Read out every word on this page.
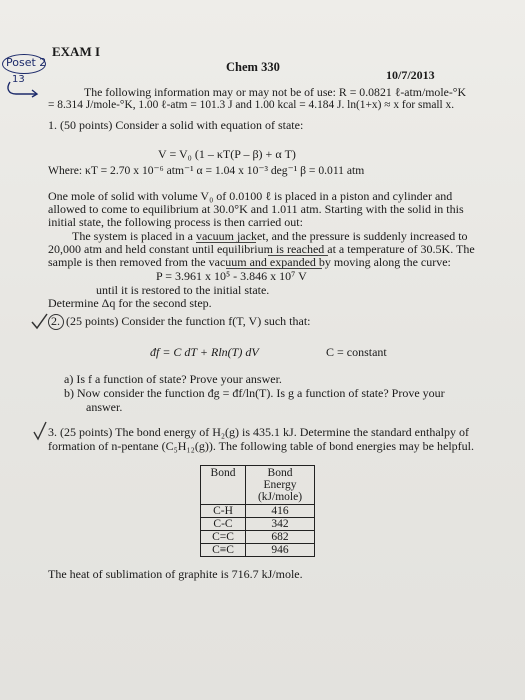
Poset 2
13
EXAM I
Chem 330
10/7/2013
The following information may or may not be of use: R = 0.0821 ℓ-atm/mole-°K
= 8.314 J/mole-°K, 1.00 ℓ-atm = 101.3 J and 1.00 kcal = 4.184 J. ln(1+x) ≈ x for small x.
1. (50 points) Consider a solid with equation of state:
V = V₀ (1 – κT(P – β) + α T)
Where: κT = 2.70 x 10⁻⁶ atm⁻¹ α = 1.04 x 10⁻³ deg⁻¹ β = 0.011 atm
One mole of solid with volume V₀ of 0.0100 ℓ is placed in a piston and cylinder and
allowed to come to equilibrium at 30.0°K and 1.011 atm. Starting with the solid in this
initial state, the following process is then carried out:
The system is placed in a vacuum jacket, and the pressure is suddenly increased to
20,000 atm and held constant until equilibrium is reached at a temperature of 30.5K. The
sample is then removed from the vacuum and expanded by moving along the curve:
P = 3.961 x 10⁵ - 3.846 x 10⁷ V
until it is restored to the initial state.
Determine Δq for the second step.
2. (25 points) Consider the function f(T, V) such that:
đf = C dT + Rln(T) dV	C = constant
a) Is f a function of state? Prove your answer.
b) Now consider the function đg = đf/ln(T). Is g a function of state? Prove your
answer.
3. (25 points) The bond energy of H₂(g) is 435.1 kJ. Determine the standard enthalpy of
formation of n-pentane (C₅H₁₂(g)). The following table of bond energies may be helpful.
Bond	Bond Energy (kJ/mole)
C-H	416
C-C	342
C=C	682
C≡C	946
The heat of sublimation of graphite is 716.7 kJ/mole.
